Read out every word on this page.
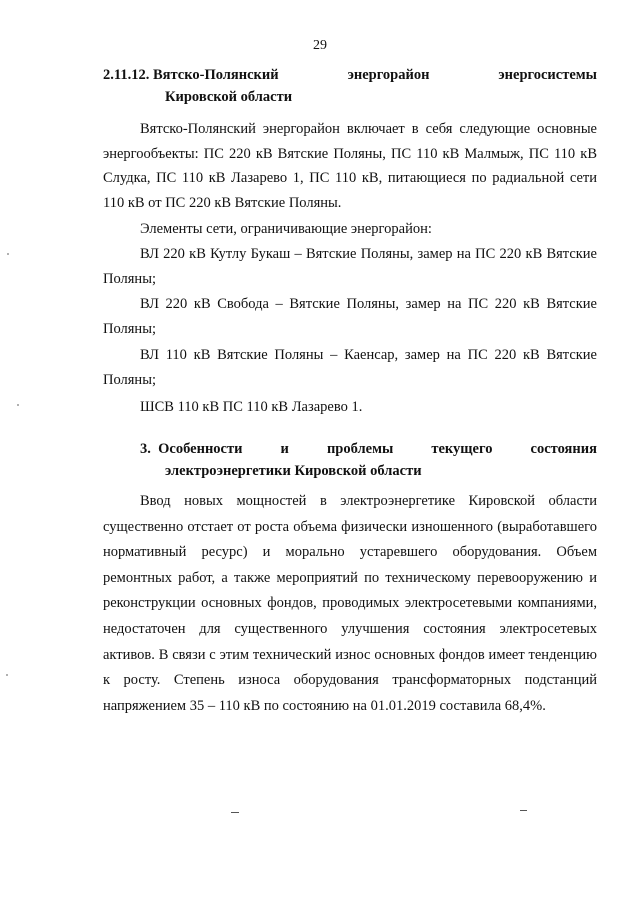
29
2.11.12. Вятско-Полянский	энергорайон	энергосистемы
Кировской области

Вятско-Полянский энергорайон включает в себя следующие основные энергообъекты: ПС 220 кВ Вятские Поляны, ПС 110 кВ Малмыж, ПС 110 кВ Слудка, ПС 110 кВ Лазарево 1, ПС 110 кВ, питающиеся по радиальной сети 110 кВ от ПС 220 кВ Вятские Поляны.

Элементы сети, ограничивающие энергорайон:

ВЛ 220 кВ Кутлу Букаш – Вятские Поляны, замер на ПС 220 кВ Вятские Поляны;

ВЛ 220 кВ Свобода – Вятские Поляны, замер на ПС 220 кВ Вятские Поляны;

ВЛ 110 кВ Вятские Поляны – Каенсар, замер на ПС 220 кВ Вятские Поляны;

ШСВ 110 кВ ПС 110 кВ Лазарево 1.

3. Особенности	и	проблемы	текущего	состояния
электроэнергетики Кировской области

Ввод новых мощностей в электроэнергетике Кировской области существенно отстает от роста объема физически изношенного (выработавшего нормативный ресурс) и морально устаревшего оборудования. Объем ремонтных работ, а также мероприятий по техническому перевооружению и реконструкции основных фондов, проводимых электросетевыми компаниями, недостаточен для существенного улучшения состояния электросетевых активов. В связи с этим технический износ основных фондов имеет тенденцию к росту. Степень износа оборудования трансформаторных подстанций напряжением 35 – 110 кВ по состоянию на 01.01.2019 составила 68,4%.
